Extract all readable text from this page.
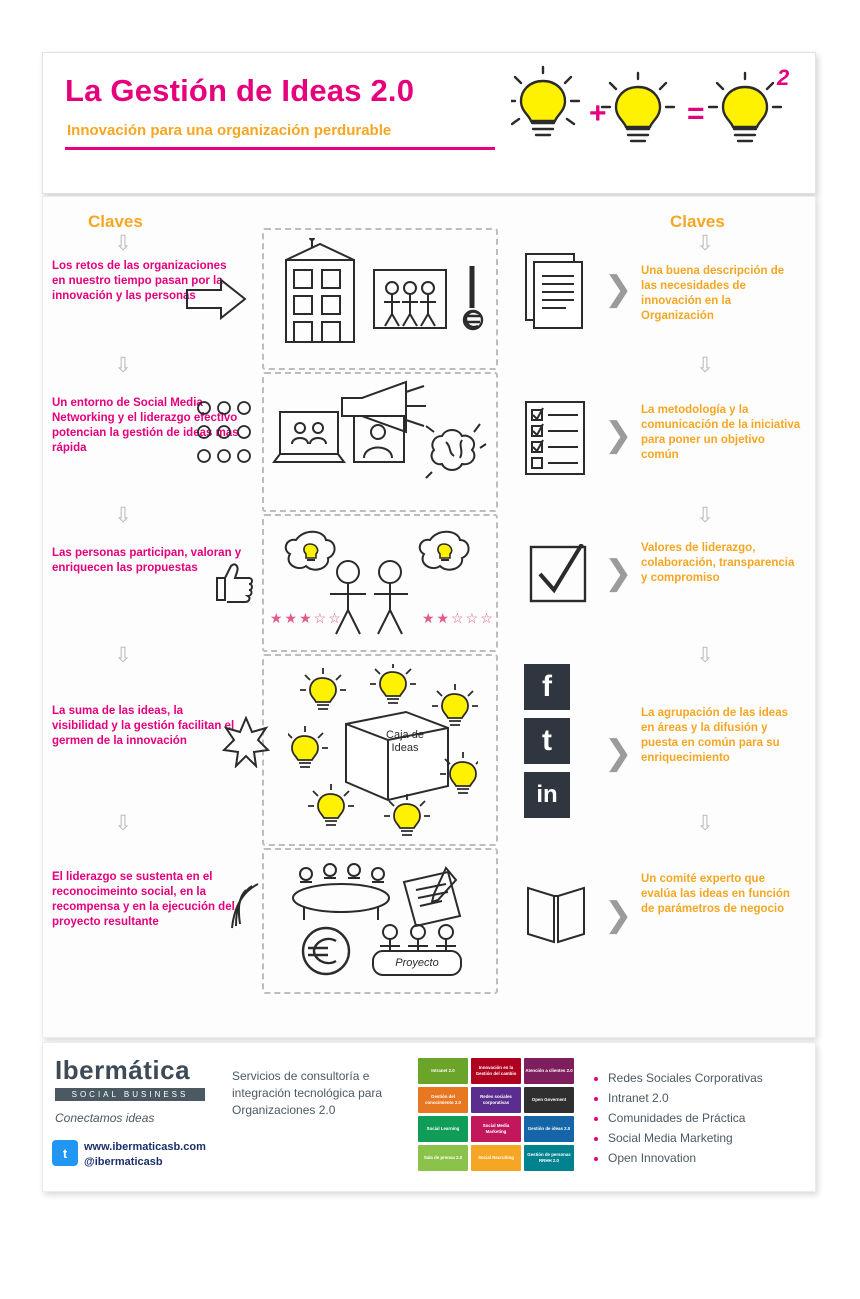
La Gestión de Ideas 2.0
Innovación para una organización perdurable
+	=
2
Claves	Claves
⇩
⇩
⇩
⇩
⇩
⇩
⇩
⇩
⇩
⇩
Los retos de las organizaciones en nuestro tiempo pasan por la innovación y las personas
Un entorno de Social Media Networking y el liderazgo efectivo potencian la gestión de ideas màs rápida
Las personas participan, valoran y enriquecen las propuestas
La suma de las ideas, la visibilidad y la gestión facilitan el germen de la innovación
El liderazgo se sustenta en el reconocimeinto social, en la recompensa y en la ejecución del proyecto resultante
Una buena descripción de las necesidades de innovación en la Organización
La metodología y la comunicación de la iniciativa para poner un objetivo común
Valores de liderazgo, colaboración, transparencia y compromiso
La agrupación de las ideas en áreas y la difusión y puesta en común para su enriquecimiento
Un comité experto que evalúa las ideas en función de parámetros de negocio
❯
❯
★★★☆☆	★★☆☆☆
❯
Caja de
Ideas
f
t
in
❯
Proyecto
❯
Ibermática
SOCIAL BUSINESS
Conectamos ideas
t	www.ibermaticasb.com
@ibermaticasb
Servicios de consultoría e integración tecnológica para Organizaciones 2.0
Intranet 2.0
Innovación en la Gestión del cambio
Atención a clientes 2.0
Gestión del conocimiento 2.0
Redes sociales corporativas
Open Governent
Social Learning
Social Media Marketing
Gestión de ideas 2.0
Sala de prensa 2.0	Social Recruiting
Gestión de personas RRHH 2.0
• Redes Sociales Corporativas
• Intranet 2.0
• Comunidades de Práctica
• Social Media Marketing
• Open Innovation
